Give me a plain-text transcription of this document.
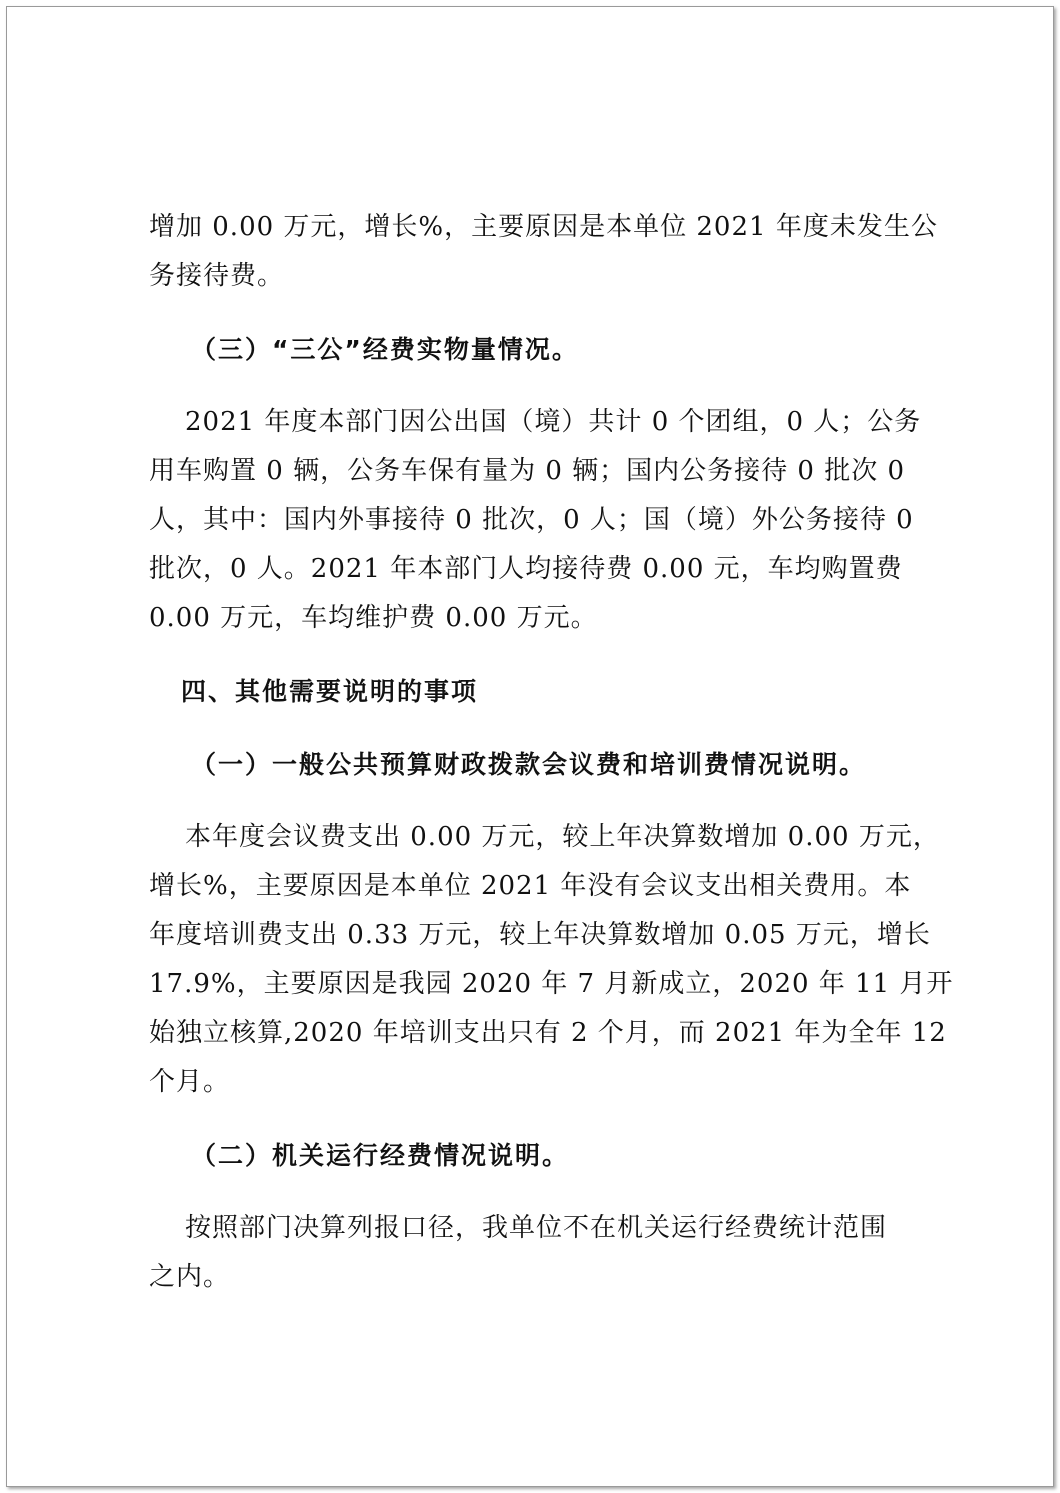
增加 0.00 万元，增长%，主要原因是本单位 2021 年度未发生公
务接待费。

（三）“三公”经费实物量情况。

2021 年度本部门因公出国（境）共计 0 个团组，0 人；公务
用车购置 0 辆，公务车保有量为 0 辆；国内公务接待 0 批次 0
人，其中：国内外事接待 0 批次，0 人；国（境）外公务接待 0
批次，0 人。2021 年本部门人均接待费 0.00 元，车均购置费
0.00 万元，车均维护费 0.00 万元。

四、其他需要说明的事项

（一）一般公共预算财政拨款会议费和培训费情况说明。

本年度会议费支出 0.00 万元，较上年决算数增加 0.00 万元，
增长%，主要原因是本单位 2021 年没有会议支出相关费用。本
年度培训费支出 0.33 万元，较上年决算数增加 0.05 万元，增长
17.9%，主要原因是我园 2020 年 7 月新成立，2020 年 11 月开
始独立核算,2020 年培训支出只有 2 个月，而 2021 年为全年 12
个月。

（二）机关运行经费情况说明。

按照部门决算列报口径，我单位不在机关运行经费统计范围
之内。
